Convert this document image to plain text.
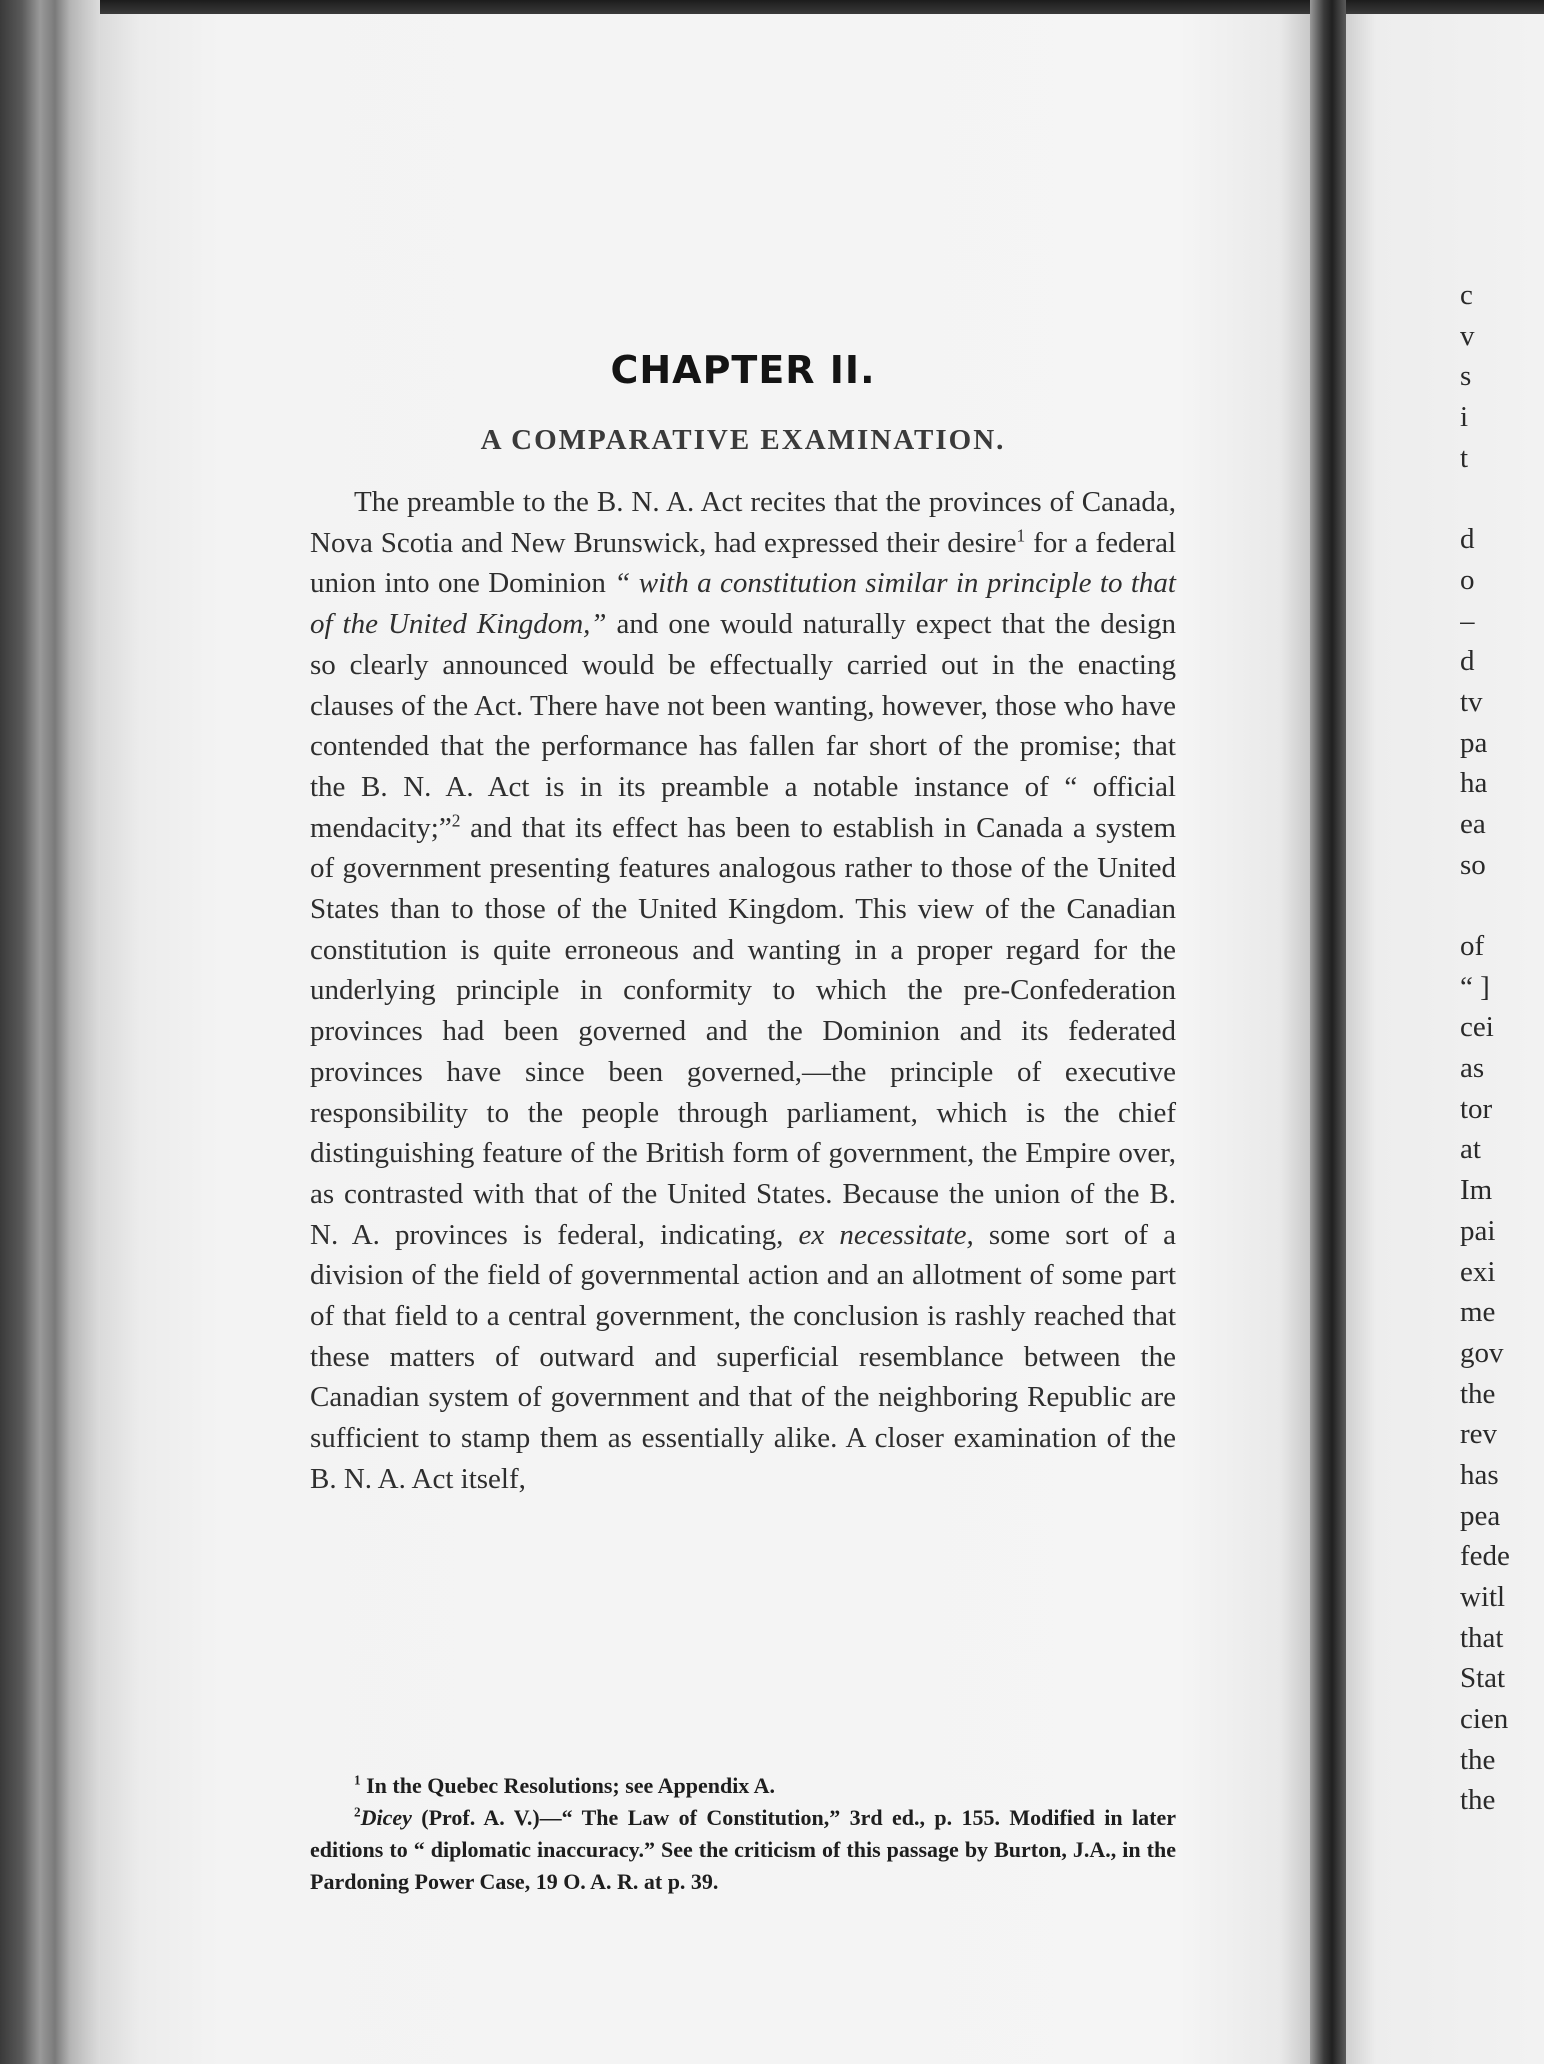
CHAPTER II.
A COMPARATIVE EXAMINATION.

The preamble to the B. N. A. Act recites that the provinces of Canada, Nova Scotia and New Brunswick, had expressed their desire$^1$ for a federal union into one Dominion “ with a constitution similar in principle to that of the United Kingdom,” and one would naturally expect that the design so clearly announced would be effectually carried out in the enacting clauses of the Act. There have not been wanting, however, those who have contended that the performance has fallen far short of the promise; that the B. N. A. Act is in its preamble a notable instance of “ official mendacity;”$^2$ and that its effect has been to establish in Canada a system of government presenting features analogous rather to those of the United States than to those of the United Kingdom. This view of the Canadian constitution is quite erroneous and wanting in a proper regard for the underlying principle in conformity to which the pre-Confederation provinces had been governed and the Dominion and its federated provinces have since been governed,—the principle of executive responsibility to the people through parliament, which is the chief distinguishing feature of the British form of government, the Empire over, as contrasted with that of the United States. Because the union of the B. N. A. provinces is federal, indicating, ex necessitate, some sort of a division of the field of governmental action and an allotment of some part of that field to a central government, the conclusion is rashly reached that these matters of outward and superficial resemblance between the Canadian system of government and that of the neighboring Republic are sufficient to stamp them as essentially alike. A closer examination of the B. N. A. Act itself,

$^1$ In the Quebec Resolutions; see Appendix A.

$^2$Dicey (Prof. A. V.)—“ The Law of Constitution,” 3rd ed., p. 155. Modified in later editions to “ diplomatic inaccuracy.” See the criticism of this passage by Burton, J.A., in the Pardoning Power Case, 19 O. A. R. at p. 39.

c
v
s
i
t
d
o
–
d
tv
pa
ha
ea
so
of
“ ]
cei
as
tor
at
Im
pai
exi
me
gov
the
rev
has
pea
fede
witl
that
Stat
cien
the
the
